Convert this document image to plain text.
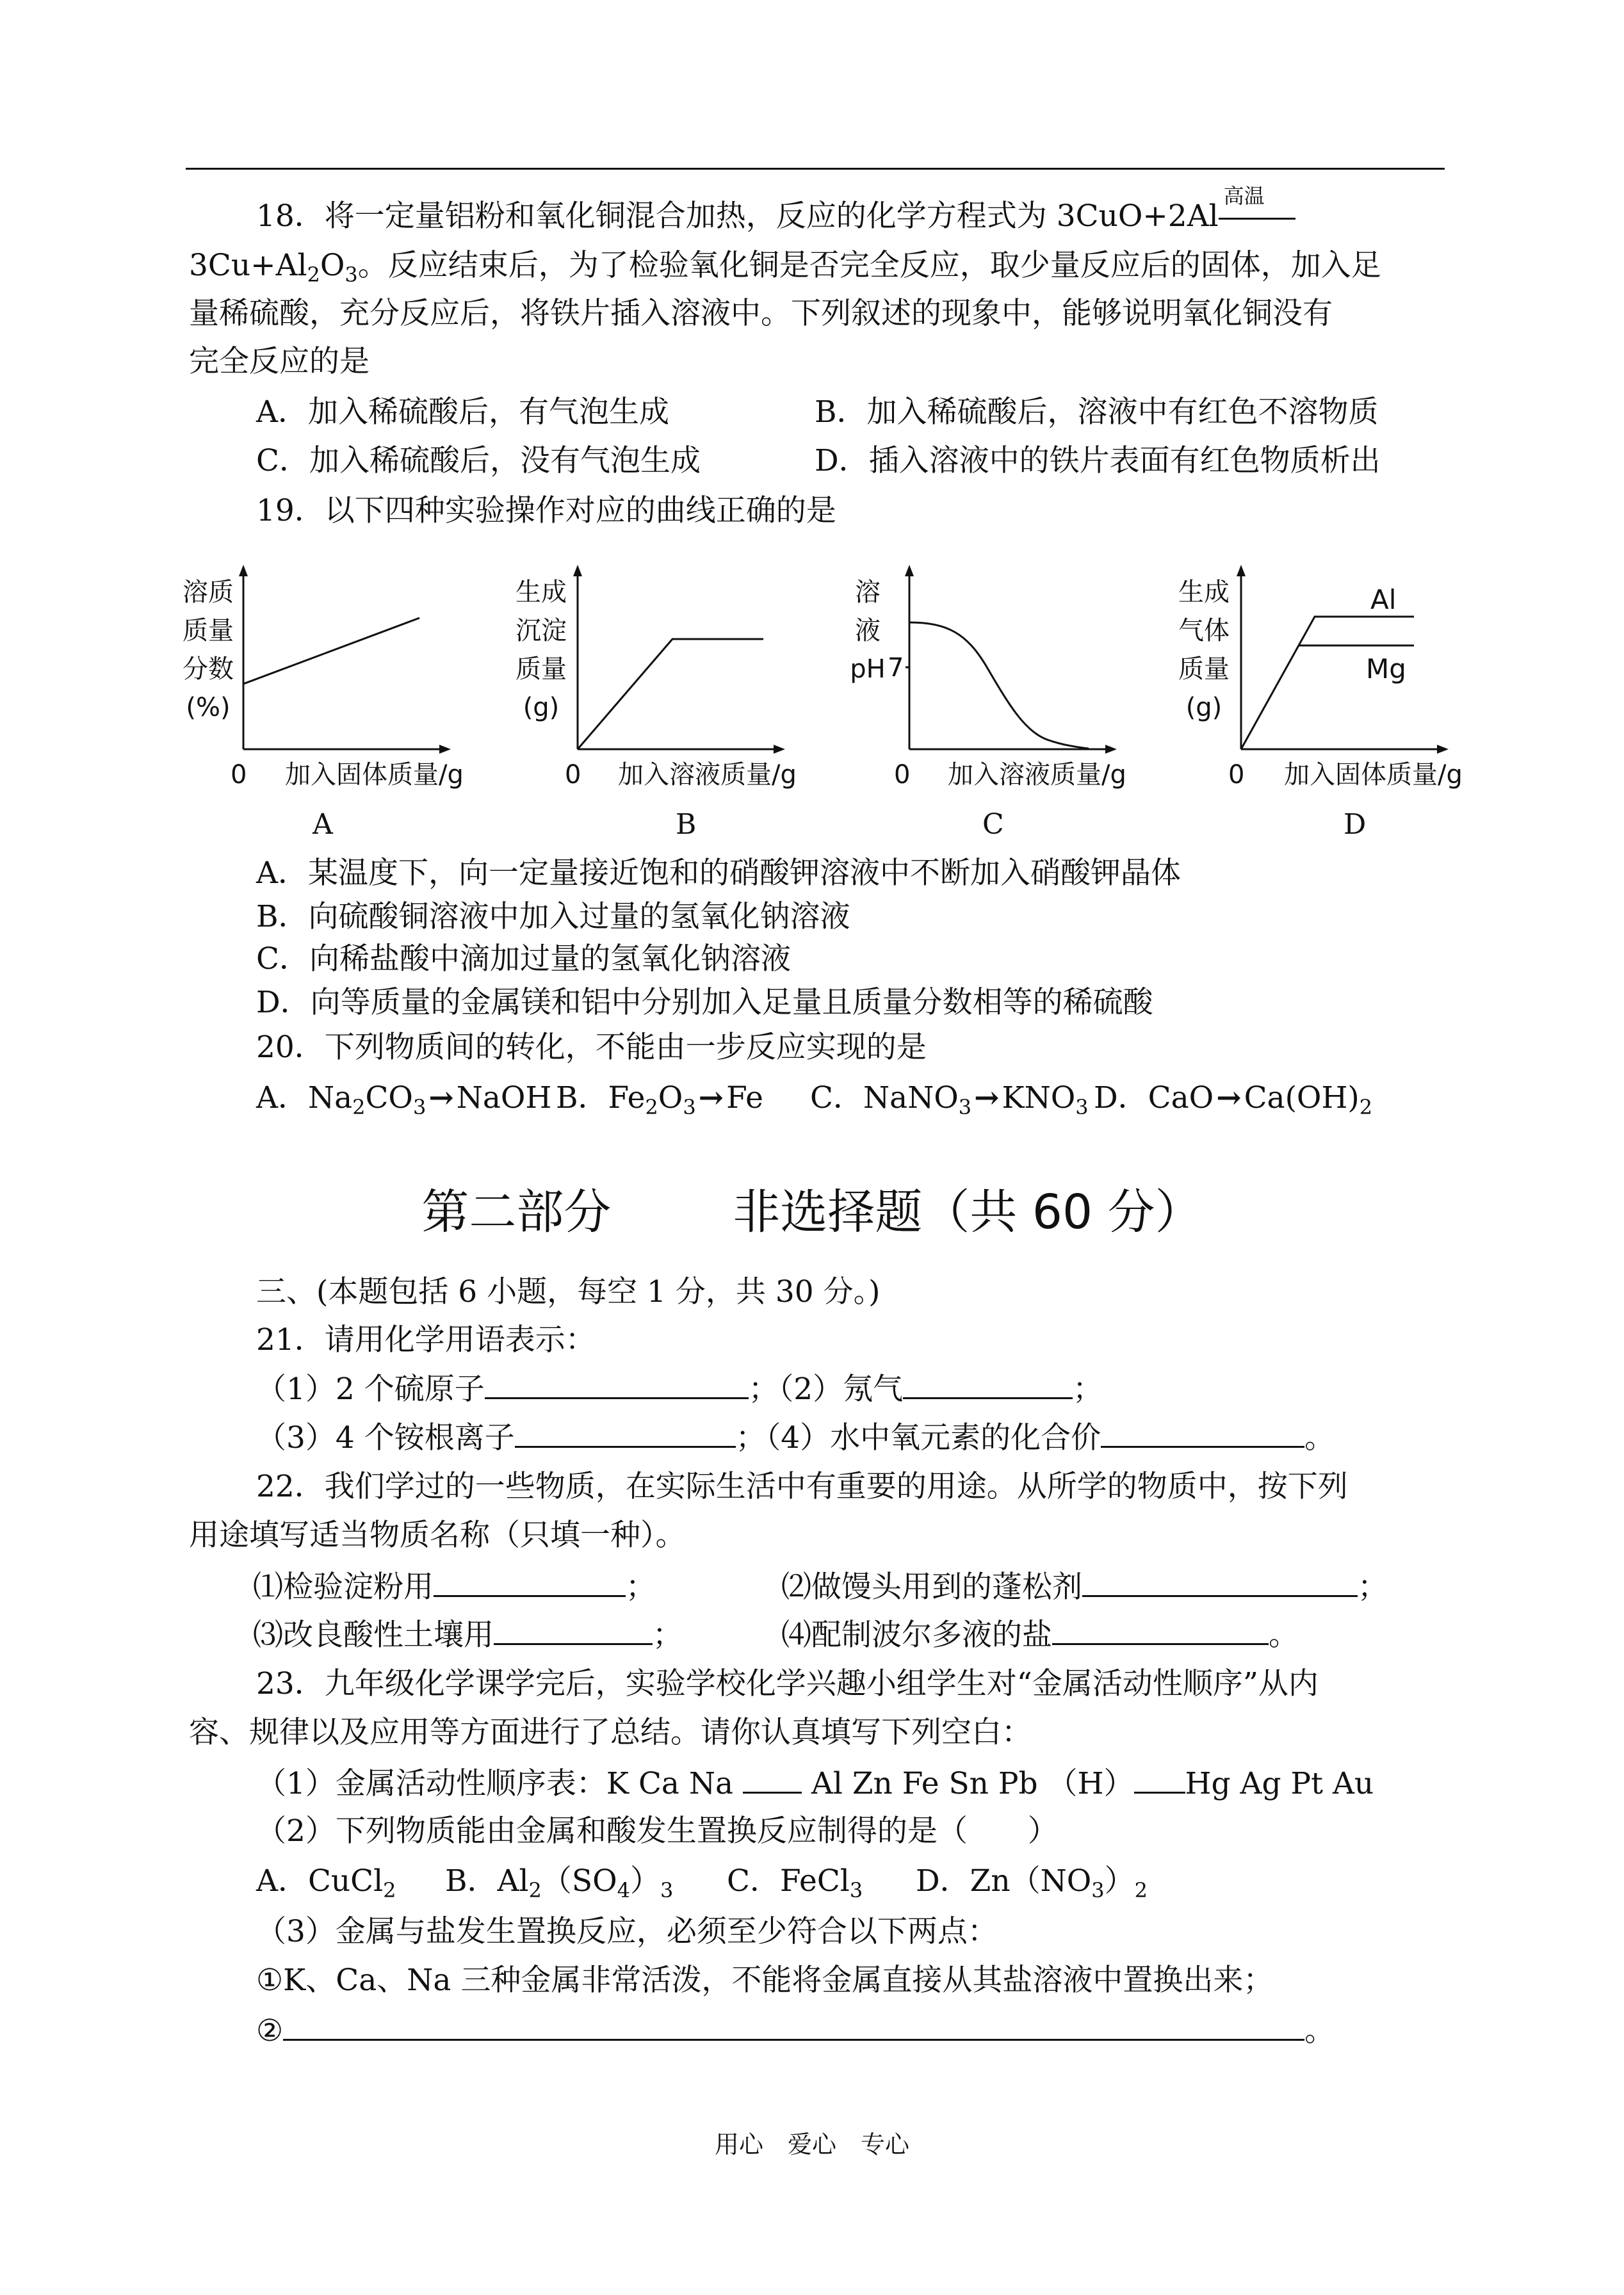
18．将一定量铝粉和氧化铜混合加热，反应的化学方程式为 3CuO+2Al
高温
$3Cu+Al_2O_3$。反应结束后，为了检验氧化铜是否完全反应，取少量反应后的固体，加入足
量稀硫酸，充分反应后，将铁片插入溶液中。下列叙述的现象中，能够说明氧化铜没有
完全反应的是
A．加入稀硫酸后，有气泡生成	B．加入稀硫酸后，溶液中有红色不溶物质
C．加入稀硫酸后，没有气泡生成	D．插入溶液中的铁片表面有红色物质析出
19．以下四种实验操作对应的曲线正确的是
溶质
质量
分数
(%)
0 加入固体质量/g
A
生成
沉淀
质量
(g)
0 加入溶液质量/g
B
溶
液
pH 7
0 加入溶液质量/g
C
生成
气体
质量
(g)
Al
Mg
0 加入固体质量/g
D
A．某温度下，向一定量接近饱和的硝酸钾溶液中不断加入硝酸钾晶体
B．向硫酸铜溶液中加入过量的氢氧化钠溶液
C．向稀盐酸中滴加过量的氢氧化钠溶液
D．向等质量的金属镁和铝中分别加入足量且质量分数相等的稀硫酸
20．下列物质间的转化，不能由一步反应实现的是
A．$Na_2CO_3\to NaOH$ B．$Fe_2O_3\to Fe$ C．$NaNO_3\to KNO_3$ D．$CaO\to Ca(OH)_2$
第二部分	非选择题（共 60 分）
三、(本题包括 6 小题，每空 1 分，共 30 分。)
21．请用化学用语表示：
（1）2 个硫原子	；（2）氖气	；
（3）4 个铵根离子	；（4）水中氧元素的化合价	。
22．我们学过的一些物质，在实际生活中有重要的用途。从所学的物质中，按下列
用途填写适当物质名称（只填一种）。
⑴检验淀粉用	；	⑵做馒头用到的蓬松剂	；
⑶改良酸性土壤用	；	⑷配制波尔多液的盐	。
23．九年级化学课学完后，实验学校化学兴趣小组学生对“金属活动性顺序”从内
容、规律以及应用等方面进行了总结。请你认真填写下列空白：
（1）金属活动性顺序表：K Ca Na  Al Zn Fe Sn Pb （H） Hg Ag Pt Au
（2）下列物质能由金属和酸发生置换反应制得的是（　　）
A．CuCl$_2$ B．$Al_2(SO_4)_3$ C．FeCl$_3$ D．$Zn(NO_3)_2$
（3）金属与盐发生置换反应，必须至少符合以下两点：
①K、Ca、Na 三种金属非常活泼，不能将金属直接从其盐溶液中置换出来；
②	。
用心　爱心　专心
